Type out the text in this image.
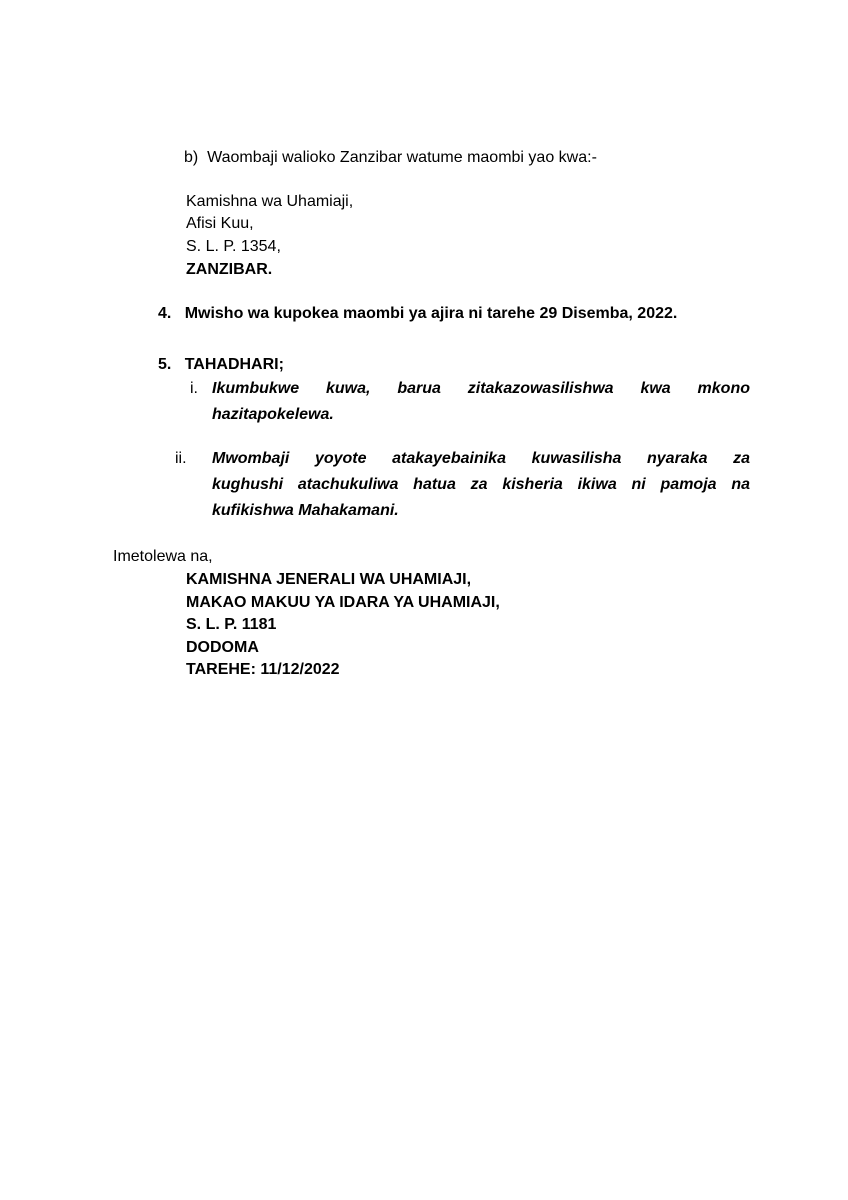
b) Waombaji walioko Zanzibar watume maombi yao kwa:-
Kamishna wa Uhamiaji,
Afisi Kuu,
S. L. P. 1354,
ZANZIBAR.
4. Mwisho wa kupokea maombi ya ajira ni tarehe 29 Disemba, 2022.
5. TAHADHARI;
i. Ikumbukwe kuwa, barua zitakazowasilishwa kwa mkono
hazitapokelewa.
ii. Mwombaji yoyote atakayebainika kuwasilisha nyaraka za
kughushi atachukuliwa hatua za kisheria ikiwa ni pamoja na
kufikishwa Mahakamani.
Imetolewa na,
KAMISHNA JENERALI WA UHAMIAJI,
MAKAO MAKUU YA IDARA YA UHAMIAJI,
S. L. P. 1181
DODOMA
TAREHE: 11/12/2022
